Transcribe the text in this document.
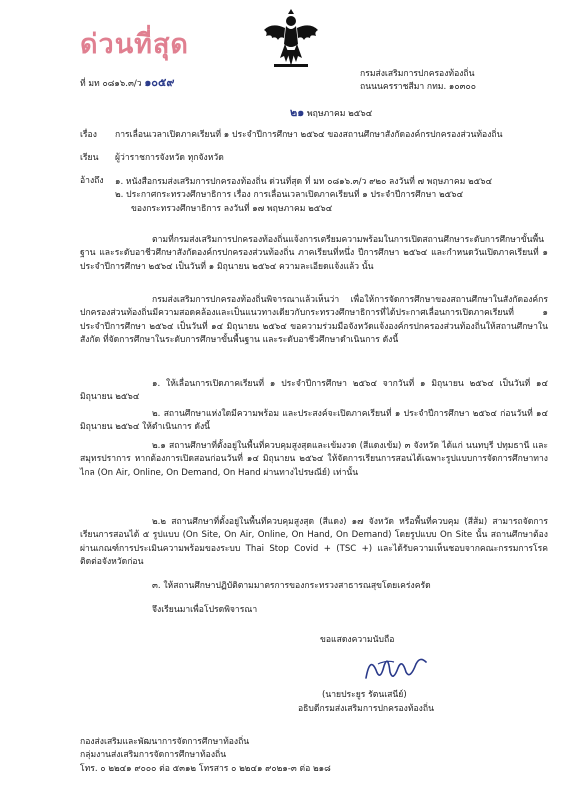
ด่วนที่สุด
ที่ มท ๐๘๑๖.๓/ว ๑๐๕๙
กรมส่งเสริมการปกครองท้องถิ่น
ถนนนครราชสีมา กทม. ๑๐๓๐๐
๒๑ พฤษภาคม ๒๕๖๔
เรื่อง การเลื่อนเวลาเปิดภาคเรียนที่ ๑ ประจำปีการศึกษา ๒๕๖๔ ของสถานศึกษาสังกัดองค์กรปกครองส่วนท้องถิ่น
เรียน ผู้ว่าราชการจังหวัด ทุกจังหวัด
อ้างถึง ๑. หนังสือกรมส่งเสริมการปกครองท้องถิ่น ด่วนที่สุด ที่ มท ๐๘๑๖.๓/ว ๙๒๐ ลงวันที่ ๗ พฤษภาคม ๒๕๖๔
๒. ประกาศกระทรวงศึกษาธิการ เรื่อง การเลื่อนเวลาเปิดภาคเรียนที่ ๑ ประจำปีการศึกษา ๒๕๖๔
ของกระทรวงศึกษาธิการ ลงวันที่ ๑๗ พฤษภาคม ๒๕๖๔
ตามที่กรมส่งเสริมการปกครองท้องถิ่นแจ้งการเตรียมความพร้อมในการเปิดสถานศึกษาระดับการศึกษาขั้นพื้นฐาน และระดับอาชีวศึกษาสังกัดองค์กรปกครองส่วนท้องถิ่น ภาคเรียนที่หนึ่ง ปีการศึกษา ๒๕๖๔ และกำหนดวันเปิดภาคเรียนที่ ๑ ประจำปีการศึกษา ๒๕๖๔ เป็นวันที่ ๑ มิถุนายน ๒๕๖๔ ความละเอียดแจ้งแล้ว นั้น
กรมส่งเสริมการปกครองท้องถิ่นพิจารณาแล้วเห็นว่า เพื่อให้การจัดการศึกษาของสถานศึกษาในสังกัดองค์กรปกครองส่วนท้องถิ่นมีความสอดคล้องและเป็นแนวทางเดียวกับกระทรวงศึกษาธิการที่ได้ประกาศเลื่อนการเปิดภาคเรียนที่ ๑ ประจำปีการศึกษา ๒๕๖๔ เป็นวันที่ ๑๔ มิถุนายน ๒๕๖๔ ขอความร่วมมือจังหวัดแจ้งองค์กรปกครองส่วนท้องถิ่นให้สถานศึกษาในสังกัด ที่จัดการศึกษาในระดับการศึกษาขั้นพื้นฐาน และระดับอาชีวศึกษาดำเนินการ ดังนี้
๑. ให้เลื่อนการเปิดภาคเรียนที่ ๑ ประจำปีการศึกษา ๒๕๖๔ จากวันที่ ๑ มิถุนายน ๒๕๖๔ เป็นวันที่ ๑๔ มิถุนายน ๒๕๖๔
๒. สถานศึกษาแห่งใดมีความพร้อม และประสงค์จะเปิดภาคเรียนที่ ๑ ประจำปีการศึกษา ๒๕๖๔ ก่อนวันที่ ๑๔ มิถุนายน ๒๕๖๔ ให้ดำเนินการ ดังนี้
๒.๑ สถานศึกษาที่ตั้งอยู่ในพื้นที่ควบคุมสูงสุดและเข้มงวด (สีแดงเข้ม) ๓ จังหวัด ได้แก่ นนทบุรี ปทุมธานี และสมุทรปราการ หากต้องการเปิดสอนก่อนวันที่ ๑๔ มิถุนายน ๒๕๖๔ ให้จัดการเรียนการสอนได้เฉพาะรูปแบบการจัดการศึกษาทางไกล (On Air, Online, On Demand, On Hand ผ่านทางไปรษณีย์) เท่านั้น
๒.๒ สถานศึกษาที่ตั้งอยู่ในพื้นที่ควบคุมสูงสุด (สีแดง) ๑๗ จังหวัด หรือพื้นที่ควบคุม (สีส้ม) สามารถจัดการเรียนการสอนได้ ๕ รูปแบบ (On Site, On Air, Online, On Hand, On Demand) โดยรูปแบบ On Site นั้น สถานศึกษาต้องผ่านเกณฑ์การประเมินความพร้อมของระบบ Thai Stop Covid + (TSC +) และได้รับความเห็นชอบจากคณะกรรมการโรคติดต่อจังหวัดก่อน
๓. ให้สถานศึกษาปฏิบัติตามมาตรการของกระทรวงสาธารณสุขโดยเคร่งครัด
จึงเรียนมาเพื่อโปรดพิจารณา
ขอแสดงความนับถือ
(นายประยูร รัตนเสนีย์)
อธิบดีกรมส่งเสริมการปกครองท้องถิ่น
กองส่งเสริมและพัฒนาการจัดการศึกษาท้องถิ่น
กลุ่มงานส่งเสริมการจัดการศึกษาท้องถิ่น
โทร. ๐ ๒๒๔๑ ๙๐๐๐ ต่อ ๕๓๑๒ โทรสาร ๐ ๒๒๔๑ ๙๐๒๑-๓ ต่อ ๒๑๘
